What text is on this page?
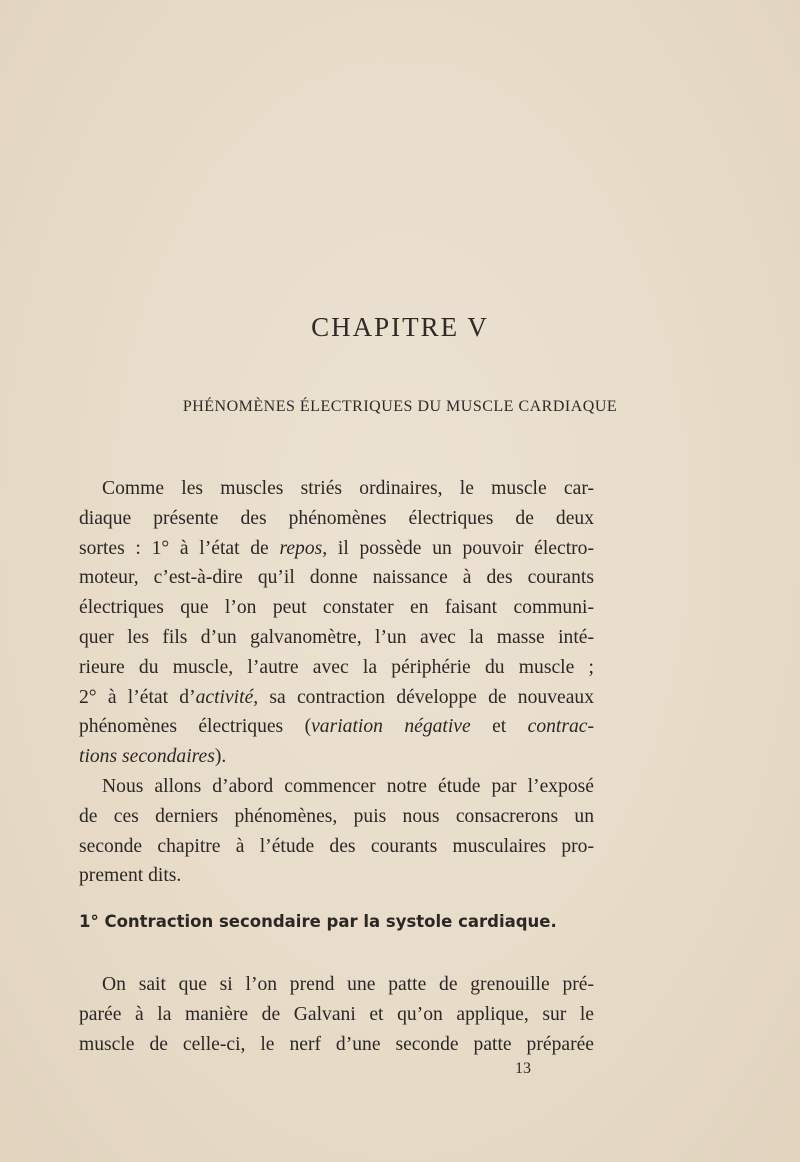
CHAPITRE V
PHÉNOMÈNES ÉLECTRIQUES DU MUSCLE CARDIAQUE
Comme les muscles striés ordinaires, le muscle car-
diaque présente des phénomènes électriques de deux
sortes : 1° à l’état de repos, il possède un pouvoir électro-
moteur, c’est-à-dire qu’il donne naissance à des courants
électriques que l’on peut constater en faisant communi-
quer les fils d’un galvanomètre, l’un avec la masse inté-
rieure du muscle, l’autre avec la périphérie du muscle ;
2° à l’état d’activité, sa contraction développe de nouveaux
phénomènes électriques (variation négative et contrac-
tions secondaires).
Nous allons d’abord commencer notre étude par l’exposé
de ces derniers phénomènes, puis nous consacrerons un
seconde chapitre à l’étude des courants musculaires pro-
prement dits.
1° Contraction secondaire par la systole cardiaque.
On sait que si l’on prend une patte de grenouille pré-
parée à la manière de Galvani et qu’on applique, sur le
muscle de celle-ci, le nerf d’une seconde patte préparée
13
